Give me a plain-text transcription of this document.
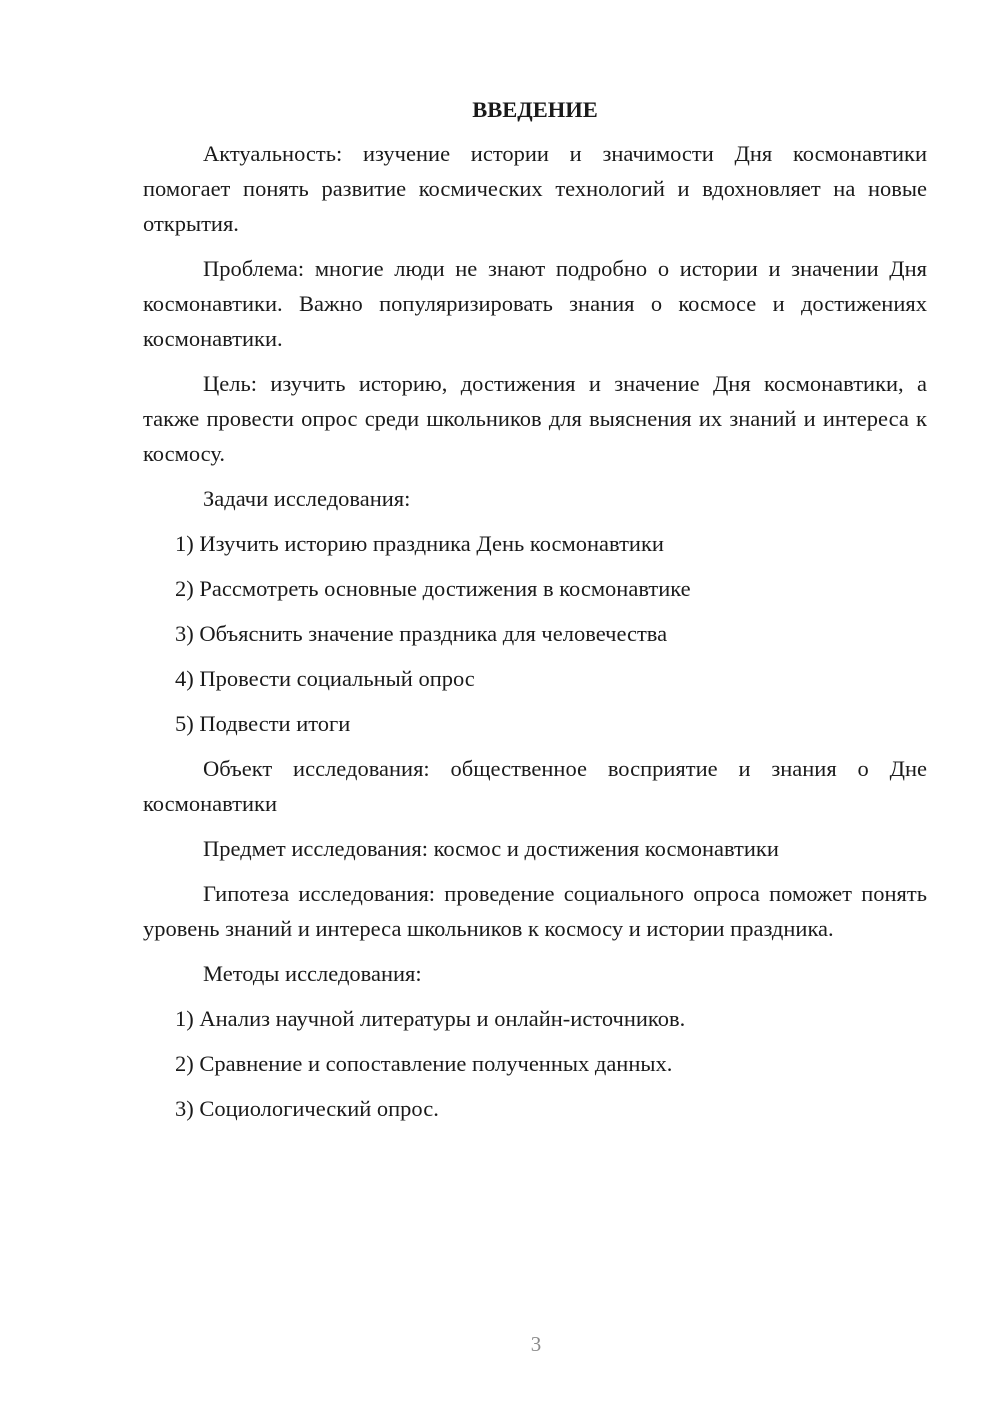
ВВЕДЕНИЕ

Актуальность: изучение истории и значимости Дня космонавтики помогает понять развитие космических технологий и вдохновляет на новые открытия.

Проблема: многие люди не знают подробно о истории и значении Дня космонавтики. Важно популяризировать знания о космосе и достижениях космонавтики.

Цель: изучить историю, достижения и значение Дня космонавтики, а также провести опрос среди школьников для выяснения их знаний и интереса к космосу.

Задачи исследования:

1) Изучить историю праздника День космонавтики
2) Рассмотреть основные достижения в космонавтике
3) Объяснить значение праздника для человечества
4) Провести социальный опрос
5) Подвести итоги

Объект исследования: общественное восприятие и знания о Дне космонавтики

Предмет исследования: космос и достижения космонавтики

Гипотеза исследования: проведение социального опроса поможет понять уровень знаний и интереса школьников к космосу и истории праздника.

Методы исследования:

1) Анализ научной литературы и онлайн-источников.
2) Сравнение и сопоставление полученных данных.
3) Социологический опрос.
3
